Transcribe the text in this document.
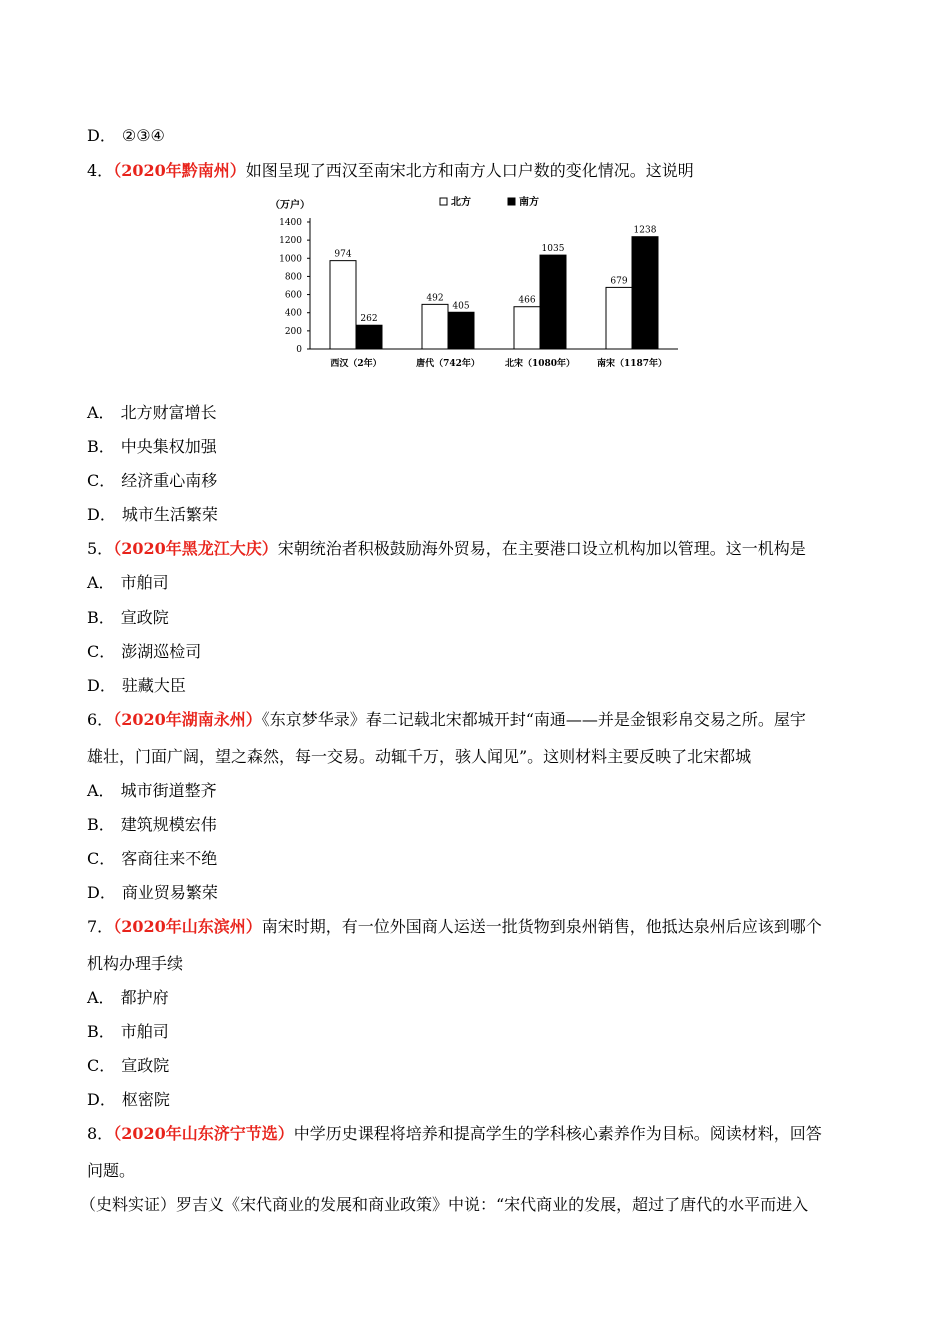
D． ②③④
4．（2020年黔南州）如图呈现了西汉至南宋北方和南方人口户数的变化情况。这说明
（万户）
0
200
400
600
800
1000
1200
1400
北方	南方
974
262
西汉（2年）
492
405
唐代（742年）
466
1035
北宋（1080年）
679
1238
南宋（1187年）
A． 北方财富增长
B． 中央集权加强
C． 经济重心南移
D． 城市生活繁荣
5．（2020年黑龙江大庆）宋朝统治者积极鼓励海外贸易，在主要港口设立机构加以管理。这一机构是
A． 市舶司
B． 宣政院
C． 澎湖巡检司
D． 驻藏大臣
6．（2020年湖南永州）《东京梦华录》春二记载北宋都城开封“南通——并是金银彩帛交易之所。屋宇
雄壮，门面广阔，望之森然，每一交易。动辄千万，骇人闻见”。这则材料主要反映了北宋都城
A． 城市街道整齐
B． 建筑规模宏伟
C． 客商往来不绝
D． 商业贸易繁荣
7．（2020年山东滨州）南宋时期，有一位外国商人运送一批货物到泉州销售，他抵达泉州后应该到哪个
机构办理手续
A． 都护府
B． 市舶司
C． 宣政院
D． 枢密院
8．（2020年山东济宁节选）中学历史课程将培养和提高学生的学科核心素养作为目标。阅读材料，回答
问题。
（史料实证）罗吉义《宋代商业的发展和商业政策》中说：“宋代商业的发展，超过了唐代的水平而进入
